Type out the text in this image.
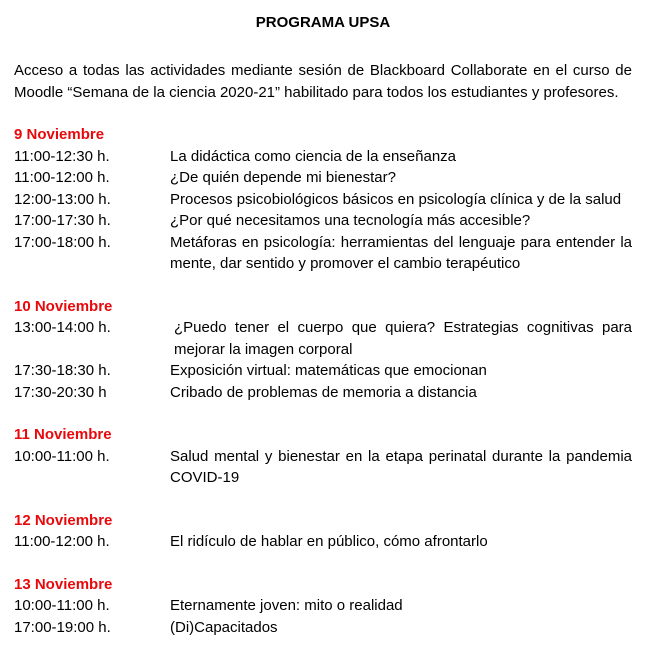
PROGRAMA UPSA
Acceso a todas las actividades mediante sesión de Blackboard Collaborate en el curso de Moodle “Semana de la ciencia 2020-21” habilitado para todos los estudiantes y profesores.
9 Noviembre
11:00-12:30 h.	La didáctica como ciencia de la enseñanza
11:00-12:00 h.	¿De quién depende mi bienestar?
12:00-13:00 h.	Procesos psicobiológicos básicos en psicología clínica y de la salud
17:00-17:30 h.	¿Por qué necesitamos una tecnología más accesible?
17:00-18:00 h.	Metáforas en psicología: herramientas del lenguaje para entender la mente, dar sentido y promover el cambio terapéutico
10 Noviembre
13:00-14:00 h.	¿Puedo tener el cuerpo que quiera? Estrategias cognitivas para mejorar la imagen corporal
17:30-18:30 h.	Exposición virtual: matemáticas que emocionan
17:30-20:30 h	Cribado de problemas de memoria a distancia
11 Noviembre
10:00-11:00 h.	Salud mental y bienestar en la etapa perinatal durante la pandemia COVID-19
12 Noviembre
11:00-12:00 h.	El ridículo de hablar en público, cómo afrontarlo
13 Noviembre
10:00-11:00 h.	Eternamente joven: mito o realidad
17:00-19:00 h.	(Di)Capacitados
